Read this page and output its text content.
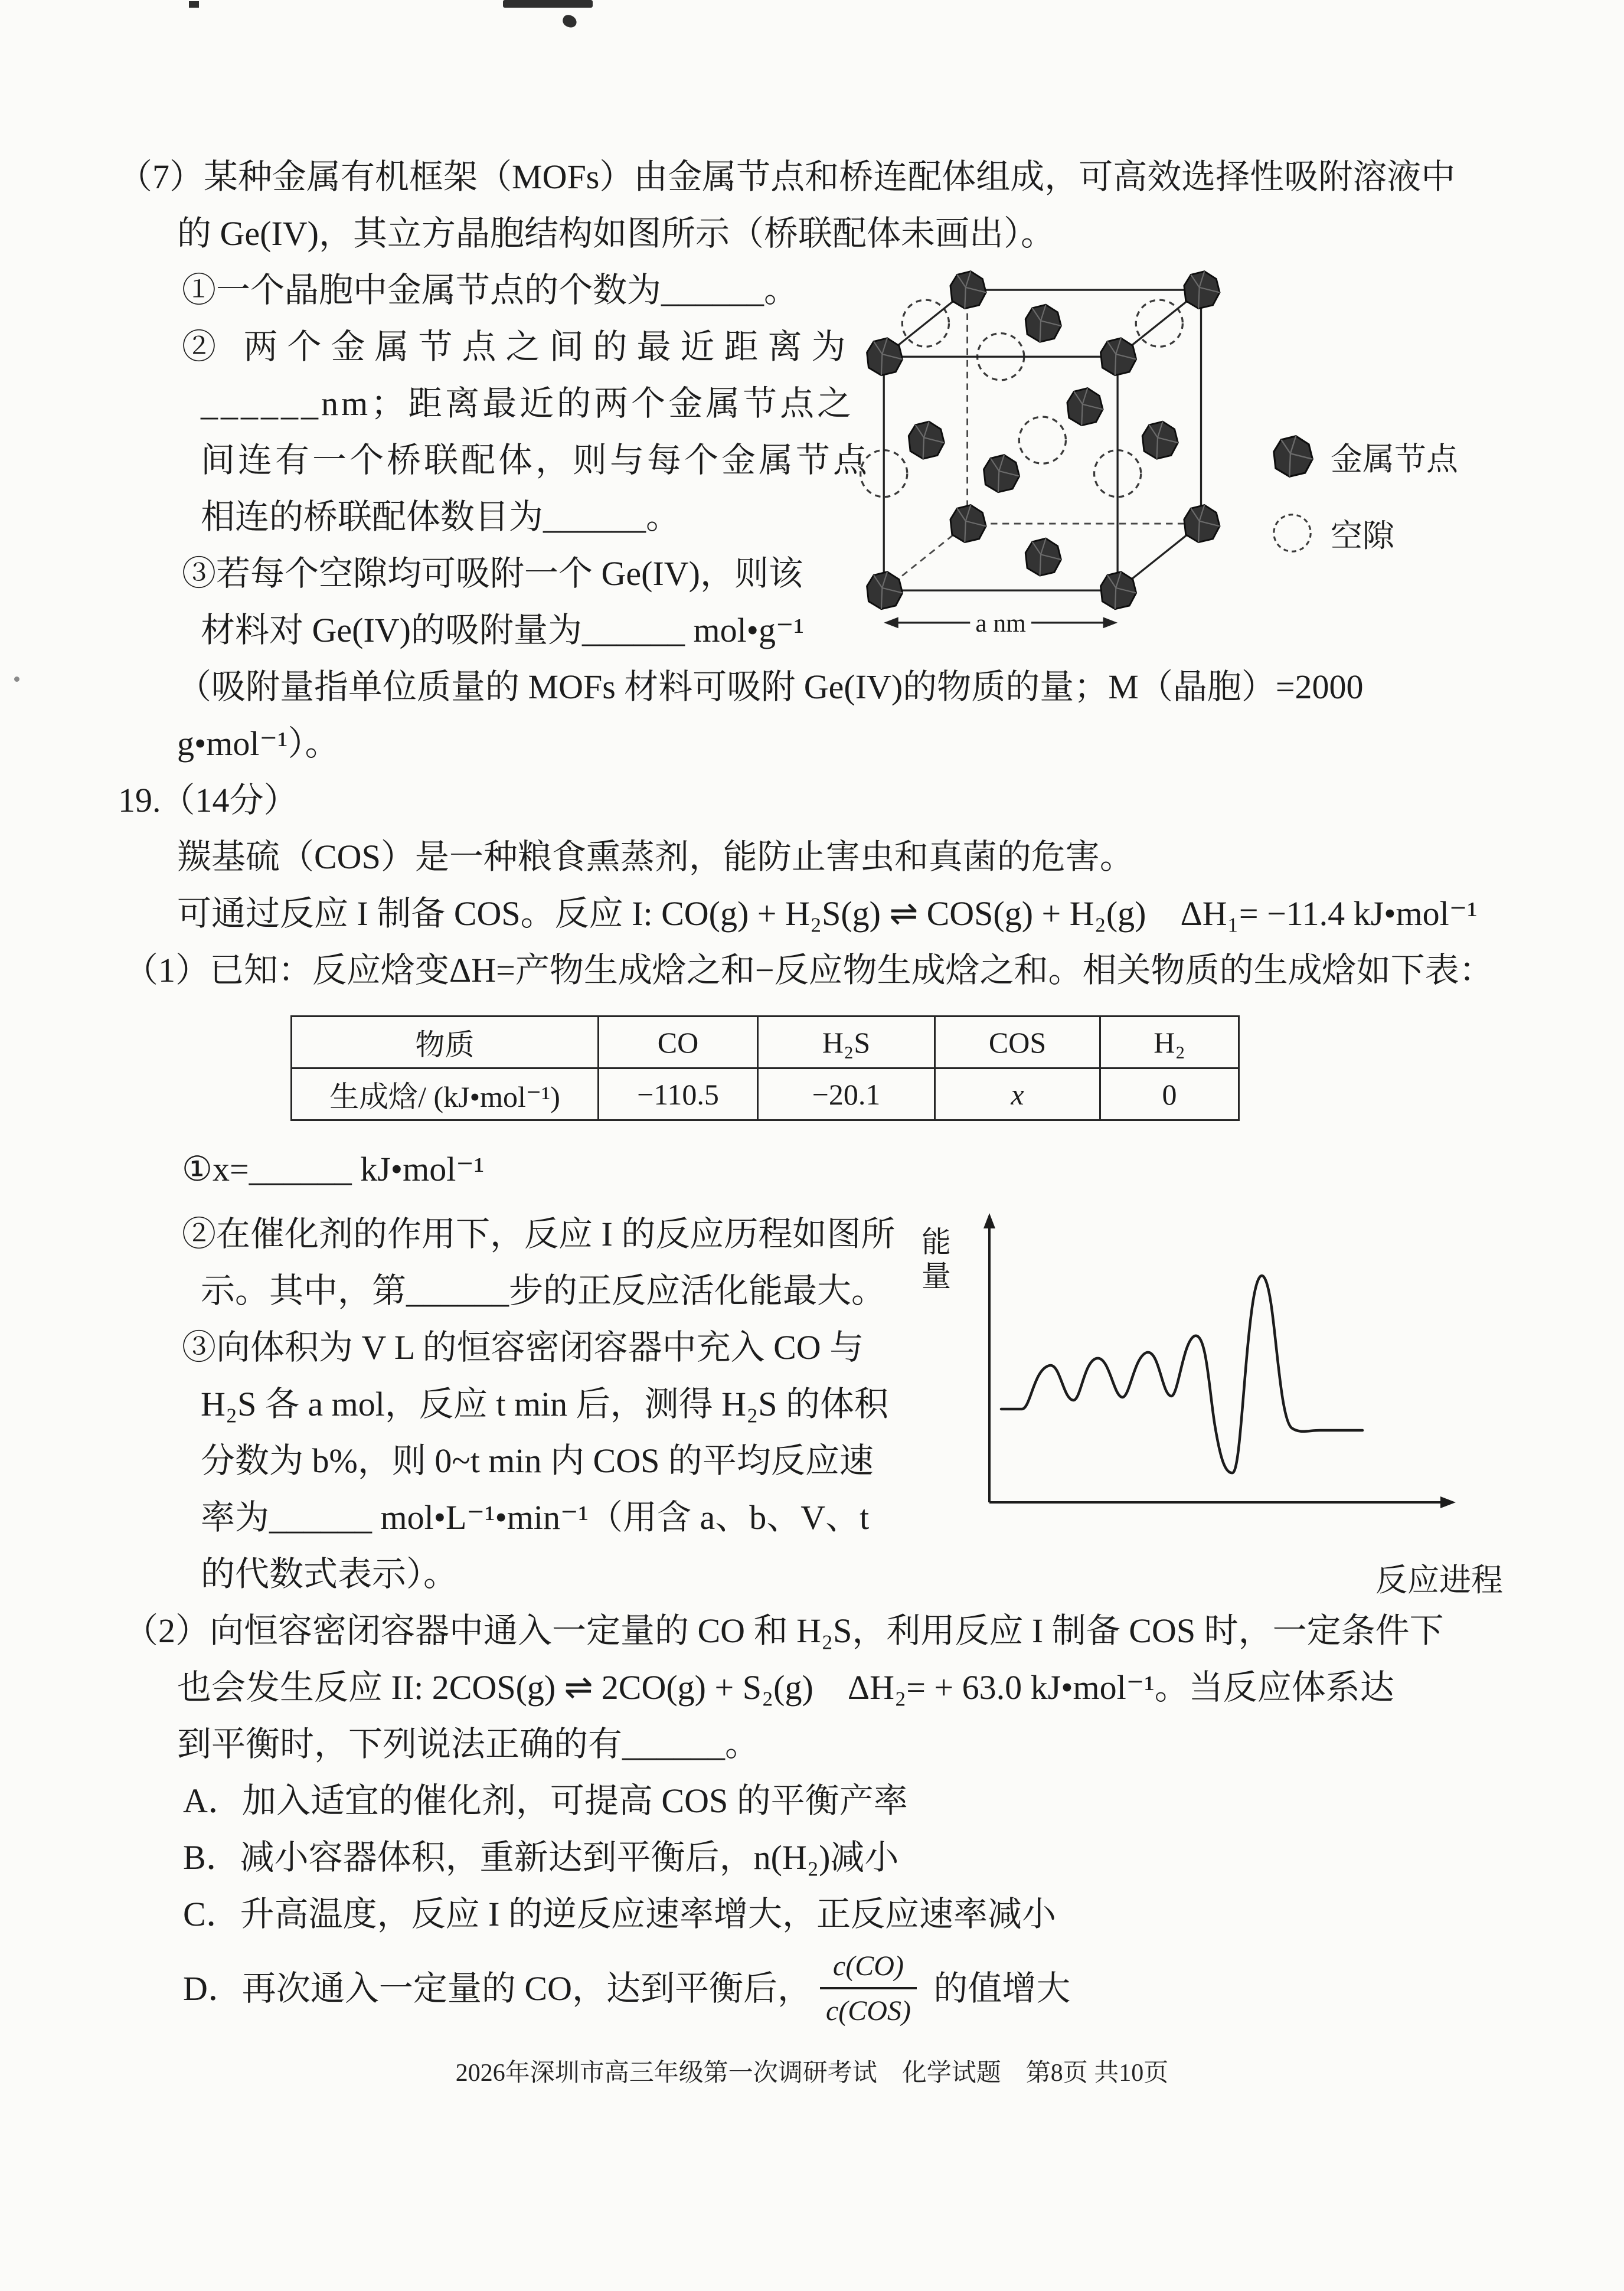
（7）某种金属有机框架（MOFs）由金属节点和桥连配体组成，可高效选择性吸附溶液中
的 Ge(IV)，其立方晶胞结构如图所示（桥联配体未画出）。
①一个晶胞中金属节点的个数为______。
② 两个金属节点之间的最近距离为
______nm；距离最近的两个金属节点之
间连有一个桥联配体，则与每个金属节点
相连的桥联配体数目为______。
③若每个空隙均可吸附一个 Ge(IV)，则该
材料对 Ge(IV)的吸附量为______ mol•g⁻¹	a nm
金属节点
空隙
（吸附量指单位质量的 MOFs 材料可吸附 Ge(IV)的物质的量；M（晶胞）=2000 g•mol⁻¹）。
19.（14分）
羰基硫（COS）是一种粮食熏蒸剂，能防止害虫和真菌的危害。
可通过反应 I 制备 COS。反应 I: CO(g) + H₂S(g) ⇌ COS(g) + H₂(g)    ΔH₁= −11.4 kJ•mol⁻¹
（1）已知：反应焓变ΔH=产物生成焓之和−反应物生成焓之和。相关物质的生成焓如下表：
物质	CO	H₂S	COS	H₂
生成焓/ (kJ•mol⁻¹)	−110.5	−20.1	x	0
①x=______ kJ•mol⁻¹
②在催化剂的作用下，反应 I 的反应历程如图所
示。其中，第______步的正反应活化能最大。
③向体积为 V L 的恒容密闭容器中充入 CO 与
H₂S 各 a mol，反应 t min 后，测得 H₂S 的体积
分数为 b%，则 0~t min 内 COS 的平均反应速
率为______ mol•L⁻¹•min⁻¹（用含 a、b、V、t
的代数式表示）。
能量
反应进程
（2）向恒容密闭容器中通入一定量的 CO 和 H₂S，利用反应 I 制备 COS 时，一定条件下
也会发生反应 II: 2COS(g) ⇌ 2CO(g) + S₂(g)    ΔH₂= + 63.0 kJ•mol⁻¹。当反应体系达
到平衡时，下列说法正确的有______。
A．加入适宜的催化剂，可提高 COS 的平衡产率
B．减小容器体积，重新达到平衡后，n(H₂)减小
C．升高温度，反应 I 的逆反应速率增大，正反应速率减小
D．再次通入一定量的 CO，达到平衡后， $\frac{c(CO)}{\text{c(COS)}}$ 的值增大
2026年深圳市高三年级第一次调研考试    化学试题    第8页 共10页
